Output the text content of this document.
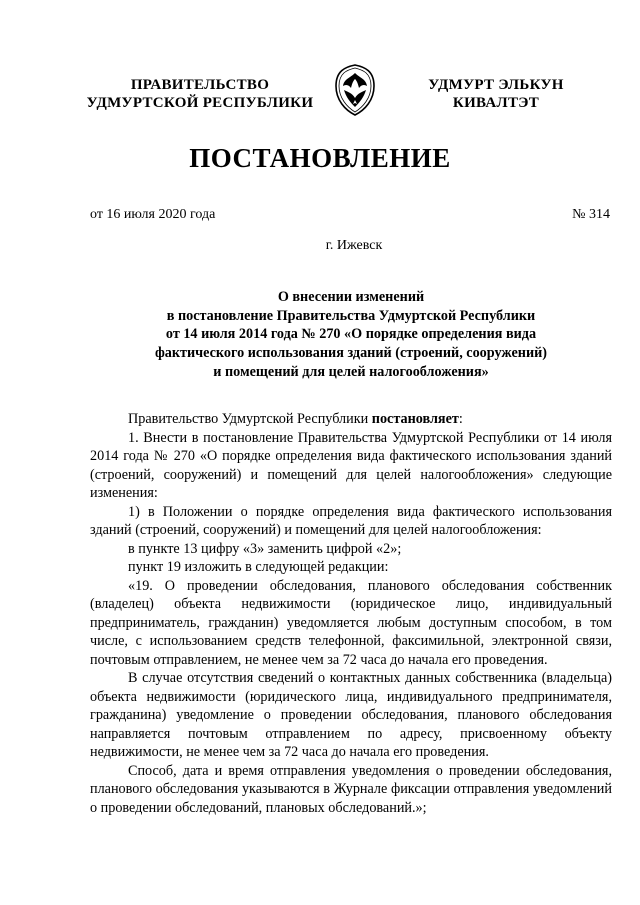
ПРАВИТЕЛЬСТВО
УДМУРТСКОЙ РЕСПУБЛИКИ
УДМУРТ ЭЛЬКУН
КИВАЛТЭТ
ПОСТАНОВЛЕНИЕ
от 16 июля 2020 года	№ 314
г. Ижевск
О внесении изменений
в постановление Правительства Удмуртской Республики
от 14 июля 2014 года № 270 «О порядке определения вида
фактического использования зданий (строений, сооружений)
и помещений для целей налогообложения»

Правительство Удмуртской Республики постановляет:

1. Внести в постановление Правительства Удмуртской Республики от 14 июля 2014 года № 270 «О порядке определения вида фактического использования зданий (строений, сооружений) и помещений для целей налогообложения» следующие изменения:

1) в Положении о порядке определения вида фактического использования зданий (строений, сооружений) и помещений для целей налогообложения:

в пункте 13 цифру «3» заменить цифрой «2»;

пункт 19 изложить в следующей редакции:

«19. О проведении обследования, планового обследования собственник (владелец) объекта недвижимости (юридическое лицо, индивидуальный предприниматель, гражданин) уведомляется любым доступным способом, в том числе, с использованием средств телефонной, факсимильной, электронной связи, почтовым отправлением, не менее чем за 72 часа до начала его проведения.

В случае отсутствия сведений о контактных данных собственника (владельца) объекта недвижимости (юридического лица, индивидуального предпринимателя, гражданина) уведомление о проведении обследования, планового обследования направляется почтовым отправлением по адресу, присвоенному объекту недвижимости, не менее чем за 72 часа до начала его проведения.

Способ, дата и время отправления уведомления о проведении обследования, планового обследования указываются в Журнале фиксации отправления уведомлений о проведении обследований, плановых обследований.»;
